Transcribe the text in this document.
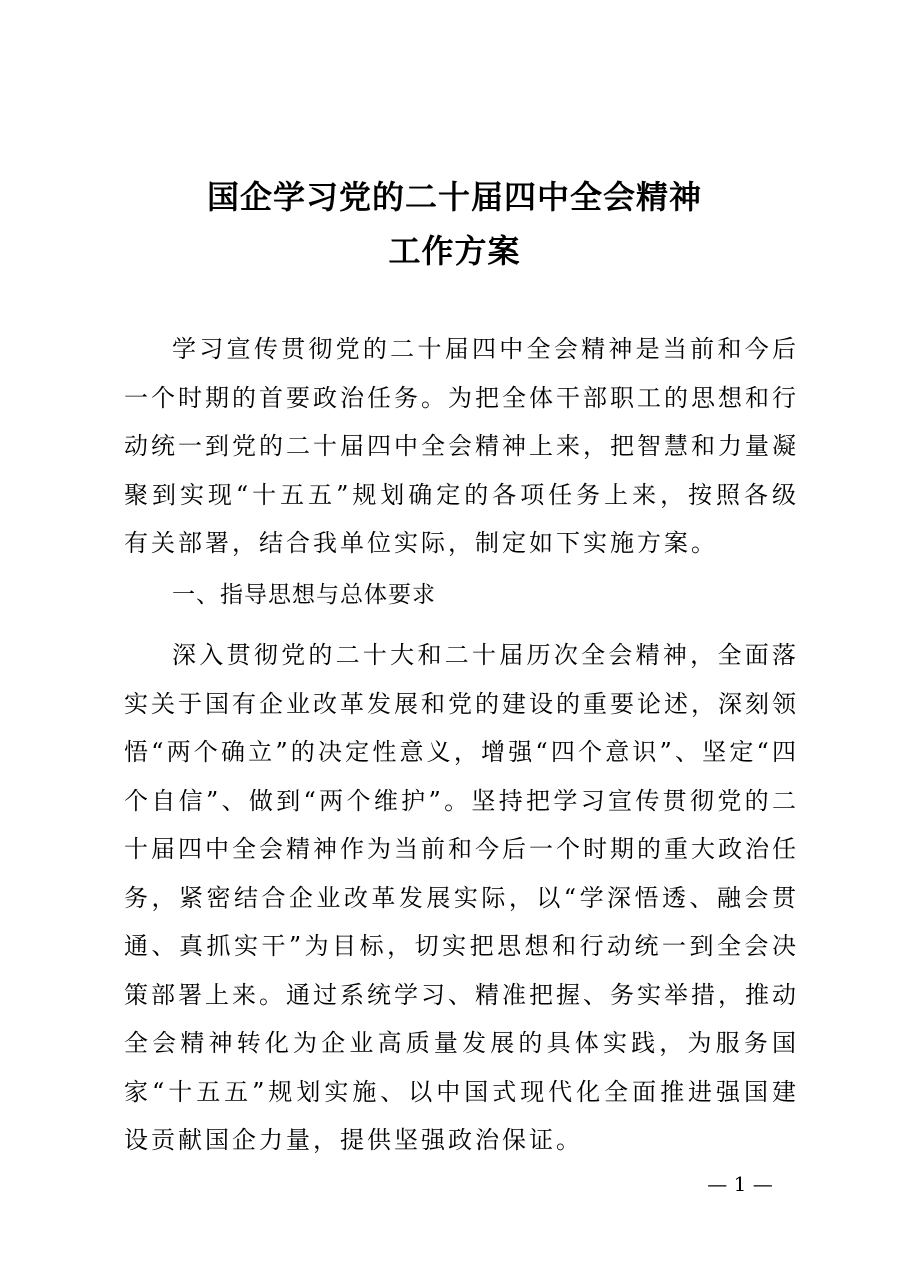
国企学习党的二十届四中全会精神
工作方案

学习宣传贯彻党的二十届四中全会精神是当前和今后一个时期的首要政治任务。为把全体干部职工的思想和行动统一到党的二十届四中全会精神上来，把智慧和力量凝聚到实现“十五五”规划确定的各项任务上来，按照各级有关部署，结合我单位实际，制定如下实施方案。

一、指导思想与总体要求

深入贯彻党的二十大和二十届历次全会精神，全面落实关于国有企业改革发展和党的建设的重要论述，深刻领悟“两个确立”的决定性意义，增强“四个意识”、坚定“四个自信”、做到“两个维护”。坚持把学习宣传贯彻党的二十届四中全会精神作为当前和今后一个时期的重大政治任务，紧密结合企业改革发展实际，以“学深悟透、融会贯通、真抓实干”为目标，切实把思想和行动统一到全会决策部署上来。通过系统学习、精准把握、务实举措，推动全会精神转化为企业高质量发展的具体实践，为服务国家“十五五”规划实施、以中国式现代化全面推进强国建设贡献国企力量，提供坚强政治保证。

— 1 —
